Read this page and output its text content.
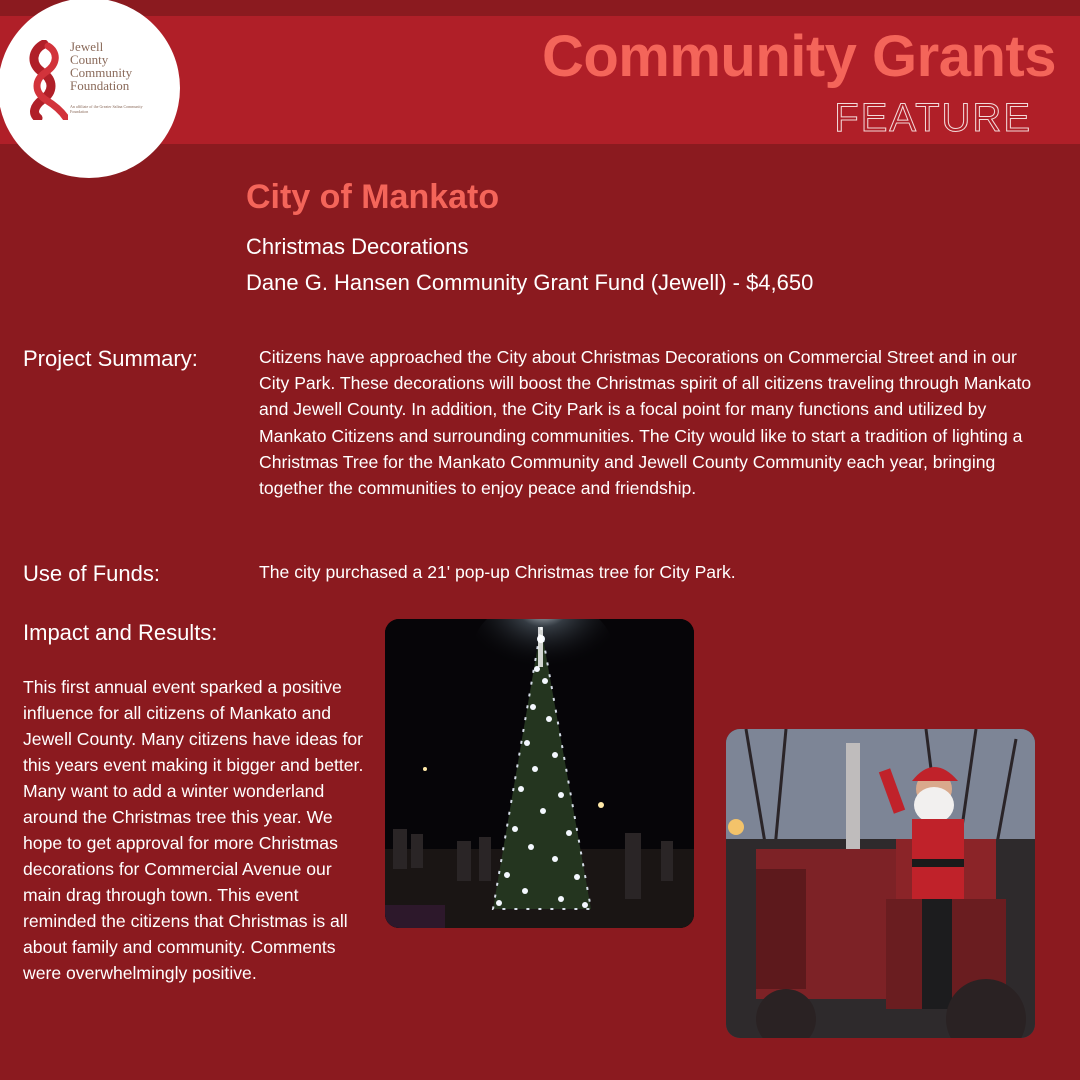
Jewell
County
Community
Foundation
An affiliate of the Greater Salina Community Foundation
Community Grants
FEATURE
City of Mankato
Christmas Decorations
Dane G. Hansen Community Grant Fund (Jewell) - $4,650
Project Summary:	Citizens have approached the City about Christmas Decorations on Commercial Street and in our City Park. These decorations will boost the Christmas spirit of all citizens traveling through Mankato and Jewell County. In addition, the City Park is a focal point for many functions and utilized by Mankato Citizens and surrounding communities. The City would like to start a tradition of lighting a Christmas Tree for the Mankato Community and Jewell County Community each year, bringing together the communities to enjoy peace and friendship.
Use of Funds:	The city purchased a 21' pop-up Christmas tree for City Park.
Impact and Results:
This first annual event sparked a positive influence for all citizens of Mankato and Jewell County. Many citizens have ideas for this years event making it bigger and better. Many want to add a winter wonderland around the Christmas tree this year. We hope to get approval for more Christmas decorations for Commercial Avenue our main drag through town. This event reminded the citizens that Christmas is all about family and community. Comments were overwhelmingly positive.
